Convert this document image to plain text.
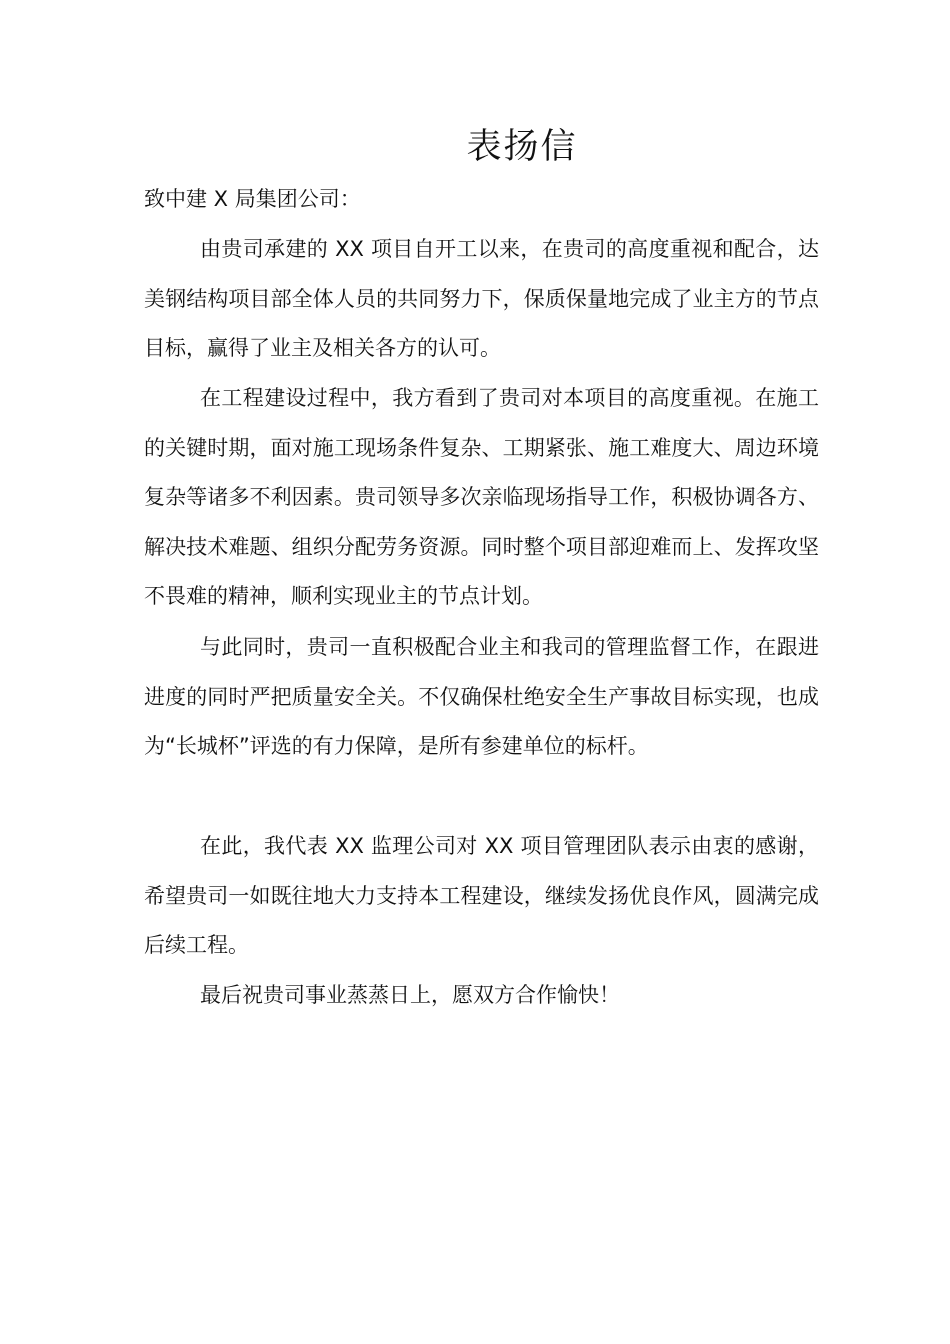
表扬信

致中建 X 局集团公司：

由贵司承建的 XX 项目自开工以来，在贵司的高度重视和配合，达美钢结构项目部全体人员的共同努力下，保质保量地完成了业主方的节点目标，赢得了业主及相关各方的认可。

在工程建设过程中，我方看到了贵司对本项目的高度重视。在施工的关键时期，面对施工现场条件复杂、工期紧张、施工难度大、周边环境复杂等诸多不利因素。贵司领导多次亲临现场指导工作，积极协调各方、解决技术难题、组织分配劳务资源。同时整个项目部迎难而上、发挥攻坚不畏难的精神，顺利实现业主的节点计划。

与此同时，贵司一直积极配合业主和我司的管理监督工作，在跟进进度的同时严把质量安全关。不仅确保杜绝安全生产事故目标实现，也成为“长城杯”评选的有力保障，是所有参建单位的标杆。

在此，我代表 XX 监理公司对 XX 项目管理团队表示由衷的感谢，希望贵司一如既往地大力支持本工程建设，继续发扬优良作风，圆满完成后续工程。

最后祝贵司事业蒸蒸日上，愿双方合作愉快！
